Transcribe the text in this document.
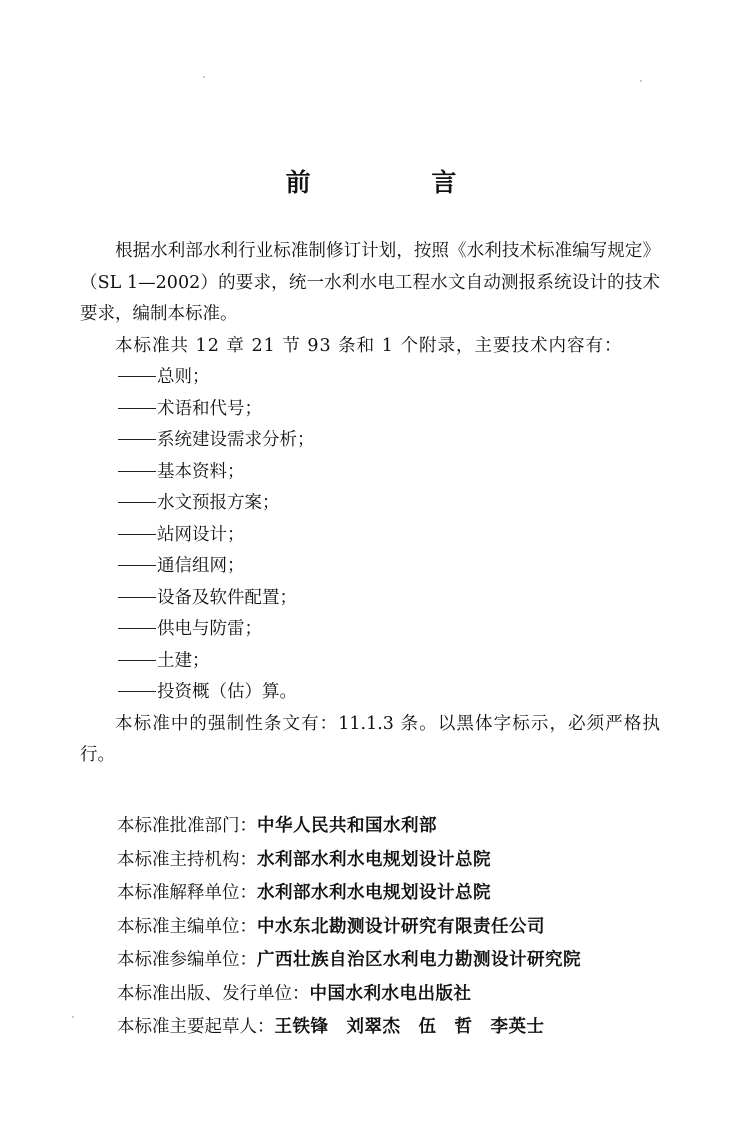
前 言

根据水利部水利行业标准制修订计划，按照《水利技术标准编写规定》（SL 1—2002）的要求，统一水利水电工程水文自动测报系统设计的技术要求，编制本标准。

本标准共 12 章 21 节 93 条和 1 个附录，主要技术内容有：

总则；
术语和代号；
系统建设需求分析；
基本资料；
水文预报方案；
站网设计；
通信组网；
设备及软件配置；
供电与防雷；
土建；
投资概（估）算。

本标准中的强制性条文有：11.1.3 条。以黑体字标示，必须严格执行。

本标准批准部门：中华人民共和国水利部
本标准主持机构：水利部水利水电规划设计总院
本标准解释单位：水利部水利水电规划设计总院
本标准主编单位：中水东北勘测设计研究有限责任公司
本标准参编单位：广西壮族自治区水利电力勘测设计研究院
本标准出版、发行单位：中国水利水电出版社
本标准主要起草人：王铁锋　刘翠杰　伍　哲　李英士
